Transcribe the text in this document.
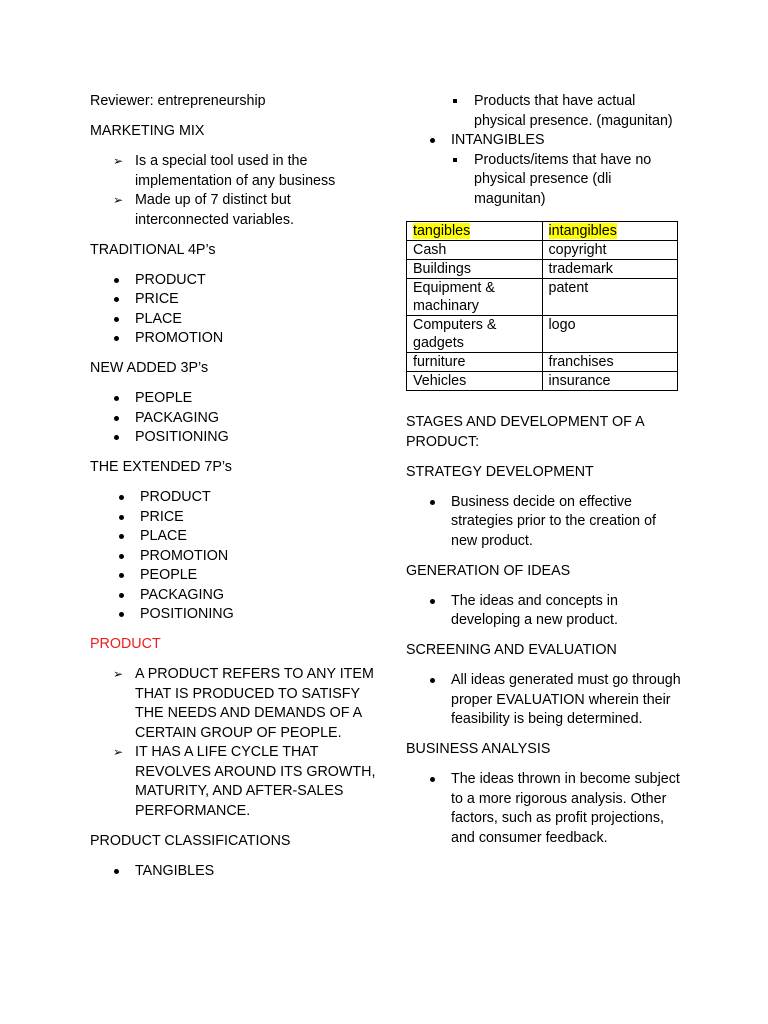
Reviewer: entrepreneurship

MARKETING MIX

➢ Is a special tool used in the implementation of any business
➢ Made up of 7 distinct but interconnected variables.

TRADITIONAL 4P’s

PRODUCT
PRICE
PLACE
PROMOTION

NEW ADDED 3P’s

PEOPLE
PACKAGING
POSITIONING

THE EXTENDED 7P’s

PRODUCT
PRICE
PLACE
PROMOTION
PEOPLE
PACKAGING
POSITIONING

PRODUCT

➢ A PRODUCT REFERS TO ANY ITEM THAT IS PRODUCED TO SATISFY THE NEEDS AND DEMANDS OF A CERTAIN GROUP OF PEOPLE.
➢ IT HAS A LIFE CYCLE THAT REVOLVES AROUND ITS GROWTH, MATURITY, AND AFTER-SALES PERFORMANCE.

PRODUCT CLASSIFICATIONS

TANGIBLES
Products that have actual physical presence. (magunitan)
INTANGIBLES
Products/items that have no physical presence (dli magunitan)
tangibles	intangibles
Cash	copyright
Buildings	trademark
Equipment & machinary	patent
Computers & gadgets	logo
furniture	franchises
Vehicles	insurance

STAGES AND DEVELOPMENT OF A PRODUCT:

STRATEGY DEVELOPMENT

Business decide on effective strategies prior to the creation of new product.

GENERATION OF IDEAS

The ideas and concepts in developing a new product.

SCREENING AND EVALUATION

All ideas generated must go through proper EVALUATION wherein their feasibility is being determined.

BUSINESS ANALYSIS

The ideas thrown in become subject to a more rigorous analysis. Other factors, such as profit projections, and consumer feedback.
